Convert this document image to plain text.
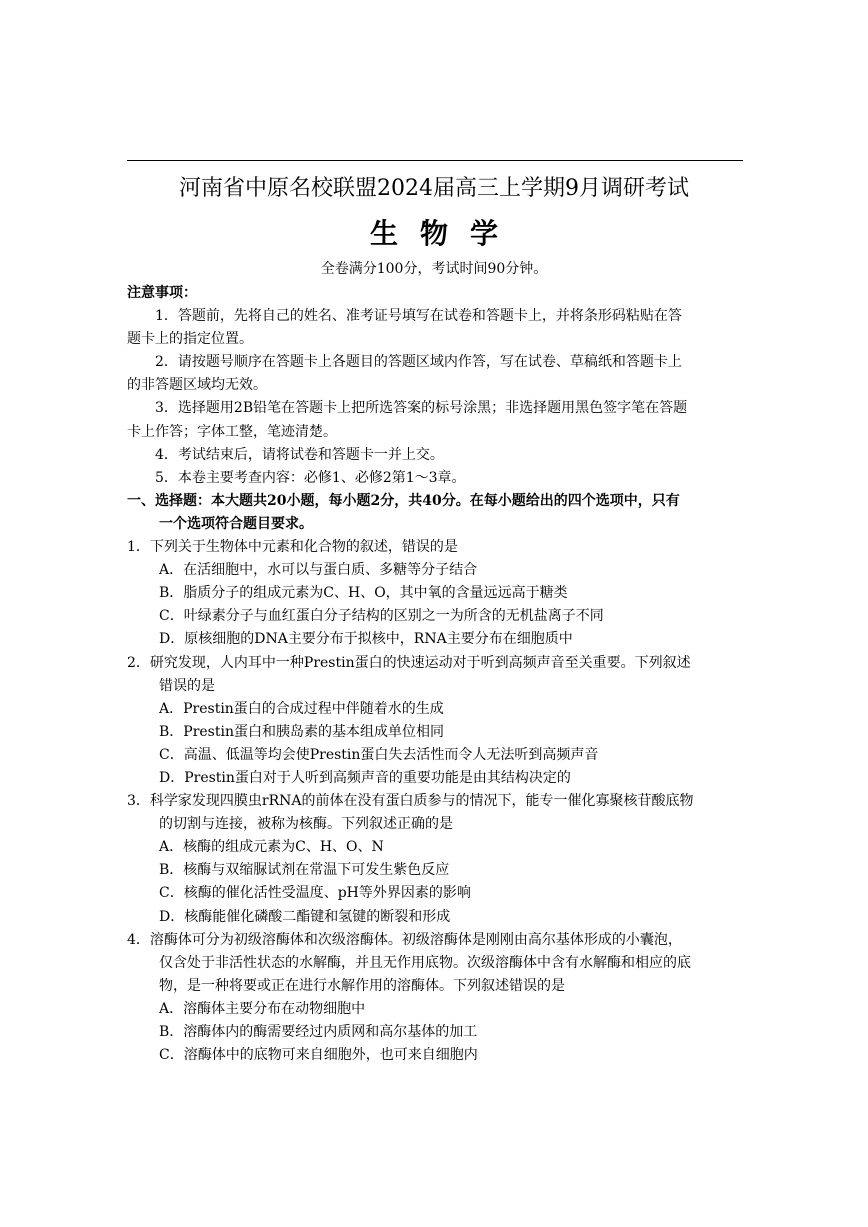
河南省中原名校联盟2024届高三上学期9月调研考试
生物学
全卷满分100分，考试时间90分钟。
注意事项：
1．答题前，先将自己的姓名、准考证号填写在试卷和答题卡上，并将条形码粘贴在答
题卡上的指定位置。
2．请按题号顺序在答题卡上各题目的答题区域内作答，写在试卷、草稿纸和答题卡上
的非答题区域均无效。
3．选择题用2B铅笔在答题卡上把所选答案的标号涂黑；非选择题用黑色签字笔在答题
卡上作答；字体工整，笔迹清楚。
4．考试结束后，请将试卷和答题卡一并上交。
5．本卷主要考查内容：必修1、必修2第1～3章。
一、选择题：本大题共20小题，每小题2分，共40分。在每小题给出的四个选项中，只有
一个选项符合题目要求。
1．下列关于生物体中元素和化合物的叙述，错误的是
A．在活细胞中，水可以与蛋白质、多糖等分子结合
B．脂质分子的组成元素为C、H、O，其中氧的含量远远高于糖类
C．叶绿素分子与血红蛋白分子结构的区别之一为所含的无机盐离子不同
D．原核细胞的DNA主要分布于拟核中，RNA主要分布在细胞质中
2．研究发现，人内耳中一种Prestin蛋白的快速运动对于听到高频声音至关重要。下列叙述
错误的是
A．Prestin蛋白的合成过程中伴随着水的生成
B．Prestin蛋白和胰岛素的基本组成单位相同
C．高温、低温等均会使Prestin蛋白失去活性而令人无法听到高频声音
D．Prestin蛋白对于人听到高频声音的重要功能是由其结构决定的
3．科学家发现四膜虫rRNA的前体在没有蛋白质参与的情况下，能专一催化寡聚核苷酸底物
的切割与连接，被称为核酶。下列叙述正确的是
A．核酶的组成元素为C、H、O、N
B．核酶与双缩脲试剂在常温下可发生紫色反应
C．核酶的催化活性受温度、pH等外界因素的影响
D．核酶能催化磷酸二酯键和氢键的断裂和形成
4．溶酶体可分为初级溶酶体和次级溶酶体。初级溶酶体是刚刚由高尔基体形成的小囊泡，
仅含处于非活性状态的水解酶，并且无作用底物。次级溶酶体中含有水解酶和相应的底
物，是一种将要或正在进行水解作用的溶酶体。下列叙述错误的是
A．溶酶体主要分布在动物细胞中
B．溶酶体内的酶需要经过内质网和高尔基体的加工
C．溶酶体中的底物可来自细胞外，也可来自细胞内
